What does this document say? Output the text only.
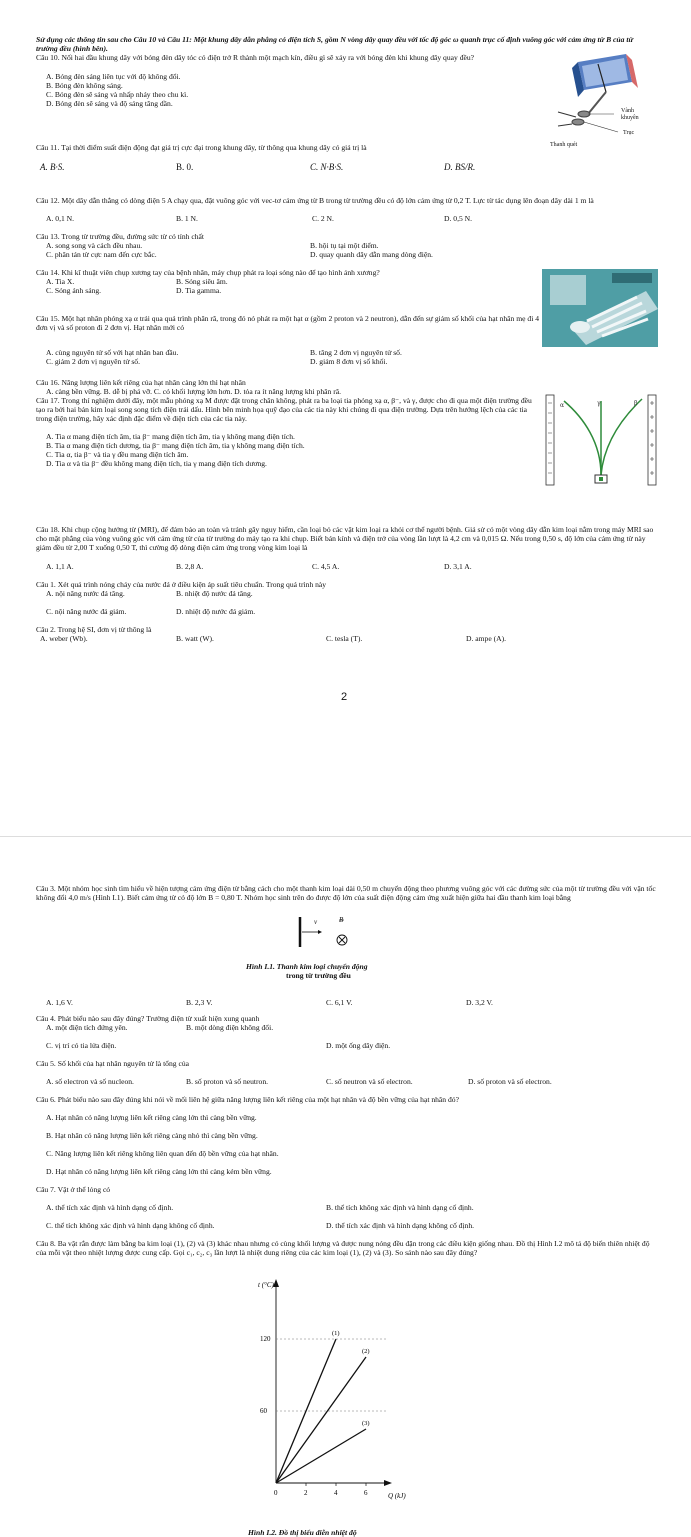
Sử dụng các thông tin sau cho Câu 10 và Câu 11: Một khung dây dẫn phẳng có diện tích S, gồm N vòng dây quay đều với tốc độ góc ω quanh trục cố định vuông góc với cảm ứng từ B của từ trường đều (hình bên).
Câu 10. Nối hai đầu khung dây với bóng đèn dây tóc có điện trở R thành một mạch kín, điều gì sẽ xảy ra với bóng đèn khi khung dây quay đều?
A. Bóng đèn sáng liên tục với độ không đổi.
B. Bóng đèn không sáng.
C. Bóng đèn sẽ sáng và nhấp nháy theo chu kì.
D. Bóng đèn sẽ sáng và độ sáng tăng dần.
Vành
khuyên
Trục
Thanh quét
Câu 11. Tại thời điểm suất điện động đạt giá trị cực đại trong khung dây, từ thông qua khung dây có giá trị là
A. B·S.	B. 0.	C. N·B·S.	D. BS/R.
Câu 12. Một dây dẫn thẳng có dòng điện 5 A chạy qua, đặt vuông góc với vec-tơ cảm ứng từ B trong từ trường đều có độ lớn cảm ứng từ 0,2 T. Lực từ tác dụng lên đoạn dây dài 1 m là
A. 0,1 N.	B. 1 N.	C. 2 N.	D. 0,5 N.
Câu 13. Trong từ trường đều, đường sức từ có tính chất
A. song song và cách đều nhau.	B. hội tụ tại một điểm.
C. phân tán từ cực nam đến cực bắc.	D. quay quanh dây dẫn mang dòng điện.
Câu 14. Khi kĩ thuật viên chụp xương tay của bệnh nhân, máy chụp phát ra loại sóng nào để tạo hình ảnh xương?
A. Tia X.	B. Sóng siêu âm.
C. Sóng ánh sáng.	D. Tia gamma.
Câu 15. Một hạt nhân phóng xạ α trải qua quá trình phân rã, trong đó nó phát ra một hạt α (gồm 2 proton và 2 neutron), dẫn đến sự giảm số khối của hạt nhân mẹ đi 4 đơn vị và số proton đi 2 đơn vị. Hạt nhân mới có
A. cùng nguyên tử số với hạt nhân ban đầu.	B. tăng 2 đơn vị nguyên tử số.
C. giảm 2 đơn vị nguyên tử số.	D. giảm 8 đơn vị số khối.
Câu 16. Năng lượng liên kết riêng của hạt nhân càng lớn thì hạt nhân
A. càng bền vững. B. dễ bị phá vỡ. C. có khối lượng lớn hơn. D. tỏa ra ít năng lượng khi phân rã.
Câu 17. Trong thí nghiệm dưới đây, một mẫu phóng xạ M được đặt trong chân không, phát ra ba loại tia phóng xạ α, β⁻, và γ, được cho đi qua một điện trường đều tạo ra bởi hai bản kim loại song song tích điện trái dấu. Hình bên minh họa quỹ đạo của các tia này khi chúng đi qua điện trường. Dựa trên hướng lệch của các tia trong điện trường, hãy xác định đặc điểm về điện tích của các tia này.
A. Tia α mang điện tích âm, tia β⁻ mang điện tích âm, tia γ không mang điện tích.
B. Tia α mang điện tích dương, tia β⁻ mang điện tích âm, tia γ không mang điện tích.
C. Tia α, tia β⁻ và tia γ đều mang điện tích âm.
D. Tia α và tia β⁻ đều không mang điện tích, tia γ mang điện tích dương.
α	γ	β
Câu 18. Khi chụp cộng hưởng từ (MRI), để đảm bảo an toàn và tránh gây nguy hiểm, cần loại bỏ các vật kim loại ra khỏi cơ thể người bệnh. Giả sử có một vòng dây dẫn kim loại nằm trong máy MRI sao cho mặt phẳng của vòng vuông góc với cảm ứng từ của từ trường do máy tạo ra khi chụp. Biết bán kính và điện trở của vòng lần lượt là 4,2 cm và 0,015 Ω. Nếu trong 0,50 s, độ lớn của cảm ứng từ này giảm đều từ 2,00 T xuống 0,50 T, thì cường độ dòng điện cảm ứng trong vòng kim loại là
A. 1,1 A.	B. 2,8 A.	C. 4,5 A.	D. 3,1 A.
Câu 1. Xét quá trình nóng chảy của nước đá ở điều kiện áp suất tiêu chuẩn. Trong quá trình này
A. nội năng nước đá tăng.	B. nhiệt độ nước đá tăng.
C. nội năng nước đá giảm.	D. nhiệt độ nước đá giảm.
Câu 2. Trong hệ SI, đơn vị từ thông là
A. weber (Wb).	B. watt (W).	C. tesla (T).	D. ampe (A).
2
Câu 3. Một nhóm học sinh tìm hiểu về hiện tượng cảm ứng điện từ bằng cách cho một thanh kim loại dài 0,50 m chuyển động theo phương vuông góc với các đường sức của một từ trường đều với vận tốc không đổi 4,0 m/s (Hình I.1). Biết cảm ứng từ có độ lớn B = 0,80 T. Nhóm học sinh trên đo được độ lớn của suất điện động cảm ứng xuất hiện giữa hai đầu thanh kim loại bằng
v	B
Hình I.1. Thanh kim loại chuyển động
trong từ trường đều
A. 1,6 V.	B. 2,3 V.	C. 6,1 V.	D. 3,2 V.
Câu 4. Phát biểu nào sau đây đúng? Trường điện từ xuất hiện xung quanh
A. một điện tích đứng yên.	B. một dòng điện không đổi.
C. vị trí có tia lửa điện.	D. một ống dây điện.
Câu 5. Số khối của hạt nhân nguyên tử là tổng của
A. số electron và số nucleon.	B. số proton và số neutron.	C. số neutron và số electron.	D. số proton và số electron.
Câu 6. Phát biểu nào sau đây đúng khi nói về mối liên hệ giữa năng lượng liên kết riêng của một hạt nhân và độ bền vững của hạt nhân đó?
A. Hạt nhân có năng lượng liên kết riêng càng lớn thì càng bền vững.
B. Hạt nhân có năng lượng liên kết riêng càng nhỏ thì càng bền vững.
C. Năng lượng liên kết riêng không liên quan đến độ bền vững của hạt nhân.
D. Hạt nhân có năng lượng liên kết riêng càng lớn thì càng kém bền vững.
Câu 7. Vật ở thể lỏng có
A. thể tích xác định và hình dạng cố định.	B. thể tích không xác định và hình dạng cố định.
C. thể tích không xác định và hình dạng không cố định.	D. thể tích xác định và hình dạng không cố định.
Câu 8. Ba vật rắn được làm bằng ba kim loại (1), (2) và (3) khác nhau nhưng có cùng khối lượng và được nung nóng đều đặn trong các điều kiện giống nhau. Đồ thị Hình I.2 mô tả độ biến thiên nhiệt độ của mỗi vật theo nhiệt lượng được cung cấp. Gọi c₁, c₂, c₃ lần lượt là nhiệt dung riêng của các kim loại (1), (2) và (3). So sánh nào sau đây đúng?
t (°C)
Q (kJ)
0	2	4	6
60
120
(1)
(2)
(3)
Hình I.2. Đồ thị biểu diễn nhiệt độ
